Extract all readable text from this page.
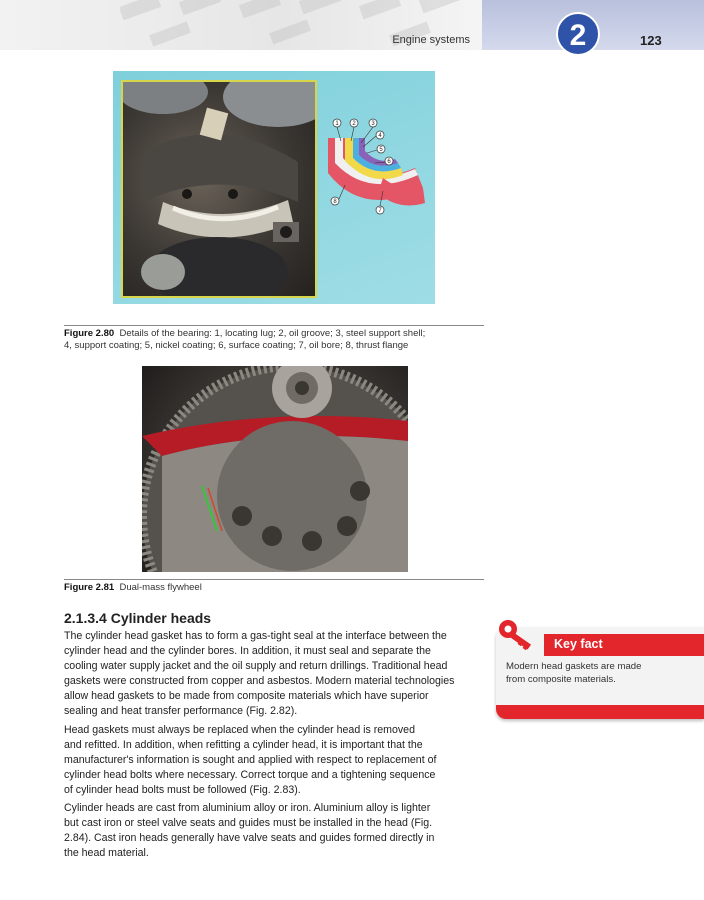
Engine systems	2	123
1 2	3
4
5
6
7
8
Figure 2.80 Details of the bearing: 1, locating lug; 2, oil groove; 3, steel support shell;
4, support coating; 5, nickel coating; 6, surface coating; 7, oil bore; 8, thrust flange
Figure 2.81 Dual-mass flywheel
2.1.3.4 Cylinder heads
The cylinder head gasket has to form a gas-tight seal at the interface between the
cylinder head and the cylinder bores. In addition, it must seal and separate the
cooling water supply jacket and the oil supply and return drillings. Traditional head
gaskets were constructed from copper and asbestos. Modern material technologies
allow head gaskets to be made from composite materials which have superior
sealing and heat transfer performance (Fig. 2.82).
Head gaskets must always be replaced when the cylinder head is removed
and refitted. In addition, when refitting a cylinder head, it is important that the
manufacturer's information is sought and applied with respect to replacement of
cylinder head bolts where necessary. Correct torque and a tightening sequence
of cylinder head bolts must be followed (Fig. 2.83).
Cylinder heads are cast from aluminium alloy or iron. Aluminium alloy is lighter
but cast iron or steel valve seats and guides must be installed in the head (Fig.
2.84). Cast iron heads generally have valve seats and guides formed directly in
the head material.
Key fact
Modern head gaskets are made
from composite materials.
